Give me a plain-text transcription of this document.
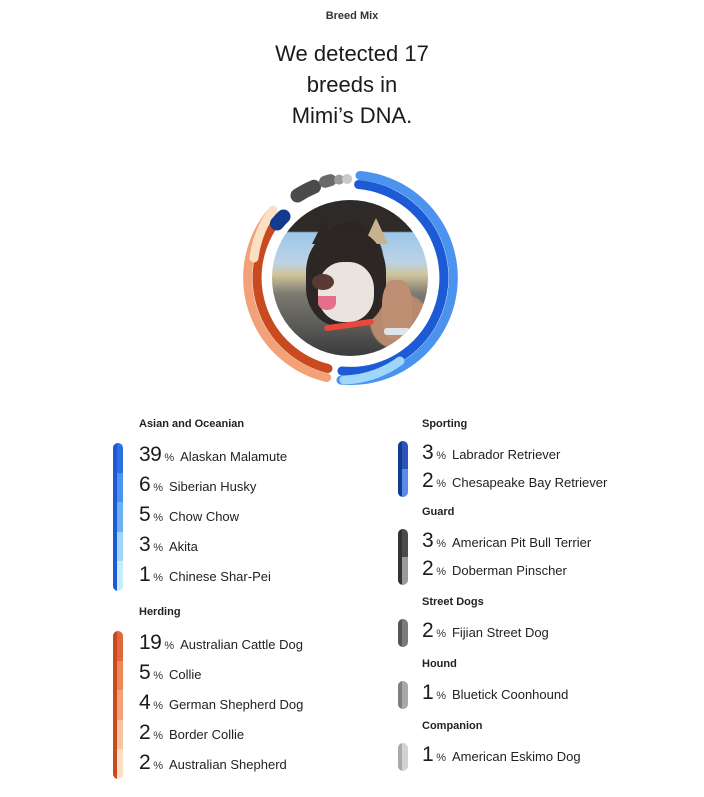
Breed Mix
We detected 17
breeds in
Mimi’s DNA.
Asian and Oceanian
39 % Alaskan Malamute
6 % Siberian Husky
5 % Chow Chow
3 % Akita
1 % Chinese Shar-Pei
Herding
19 % Australian Cattle Dog
5 % Collie
4 % German Shepherd Dog
2 % Border Collie
2 % Australian Shepherd
Sporting
3 % Labrador Retriever
2 % Chesapeake Bay Retriever
Guard
3 % American Pit Bull Terrier
2 % Doberman Pinscher
Street Dogs
2 % Fijian Street Dog
Hound
1 % Bluetick Coonhound
Companion
1 % American Eskimo Dog
